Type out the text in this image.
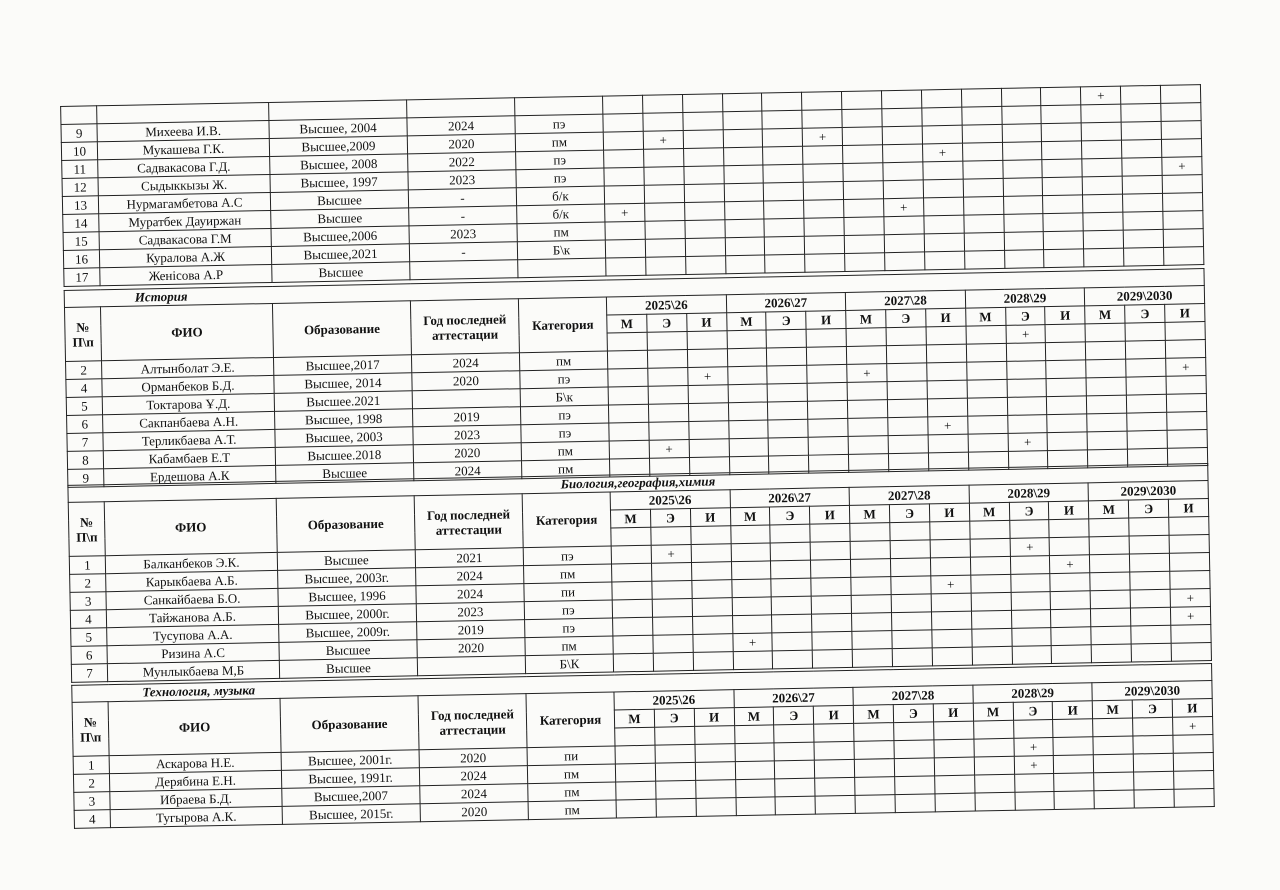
																	+		
9	Михеева И.В.	Высшее, 2004	2024	пэ															
10	Мукашева Г.К.	Высшее,2009	2020	пм		+				+									
11	Садвакасова Г.Д.	Высшее, 2008	2022	пэ									+						
12	Сыдыккызы Ж.	Высшее, 1997	2023	пэ															+
13	Нурмагамбетова А.С	Высшее	-	б/к															
14	Муратбек Дауиржан	Высшее	-	б/к	+							+							
15	Садвакасова Г.М	Высшее,2006	2023	пм															
16	Куралова А.Ж	Высшее,2021	-	Б\к															
17	Женісова А.Р	Высшее																	
История																			
№ П\п	ФИО	Образование	Год последней аттестации	Категория	2025\26			2026\27			2027\28			2028\29			2029\2030		
					М	Э	И	М	Э	И	М	Э	И	М	Э	И	М	Э	И
															+				
2	Алтынболат Э.Е.	Высшее,2017	2024	пм															
4	Орманбеков Б.Д.	Высшее, 2014	2020	пэ			+				+								+
5	Токтарова Ұ.Д.	Высшее.2021		Б\к															
6	Сакпанбаева А.Н.	Высшее, 1998	2019	пэ															
7	Терликбаева А.Т.	Высшее, 2003	2023	пэ									+						
8	Кабамбаев Е.Т	Высшее.2018	2020	пм		+									+				
9	Ердешова А.К	Высшее	2024	пм															
Биология,география,химия																			
№ П\п	ФИО	Образование	Год последней аттестации	Категория	2025\26			2026\27			2027\28			2028\29			2029\2030		
					М	Э	И	М	Э	И	М	Э	И	М	Э	И	М	Э	И

1	Балканбеков Э.К.	Высшее	2021	пэ		+									+				
2	Карыкбаева А.Б.	Высшее, 2003г.	2024	пм												+			
3	Санкайбаева Б.О.	Высшее, 1996	2024	пи									+						
4	Тайжанова А.Б.	Высшее, 2000г.	2023	пэ															+
5	Тусупова А.А.	Высшее, 2009г.	2019	пэ															+
6	Ризина А.С	Высшее	2020	пм				+											
7	Мунлыкбаева М,Б	Высшее		Б\К															
Технология, музыка																			
№ П\п	ФИО	Образование	Год последней аттестации	Категория	2025\26			2026\27			2027\28			2028\29			2029\2030		
					М	Э	И	М	Э	И	М	Э	И	М	Э	И	М	Э	И
																			+
1	Аскарова Н.Е.	Высшее, 2001г.	2020	пи											+				
2	Дерябина Е.Н.	Высшее, 1991г.	2024	пм											+				
3	Ибраева Б.Д.	Высшее,2007	2024	пм															
4	Тугырова А.К.	Высшее, 2015г.	2020	пм															
